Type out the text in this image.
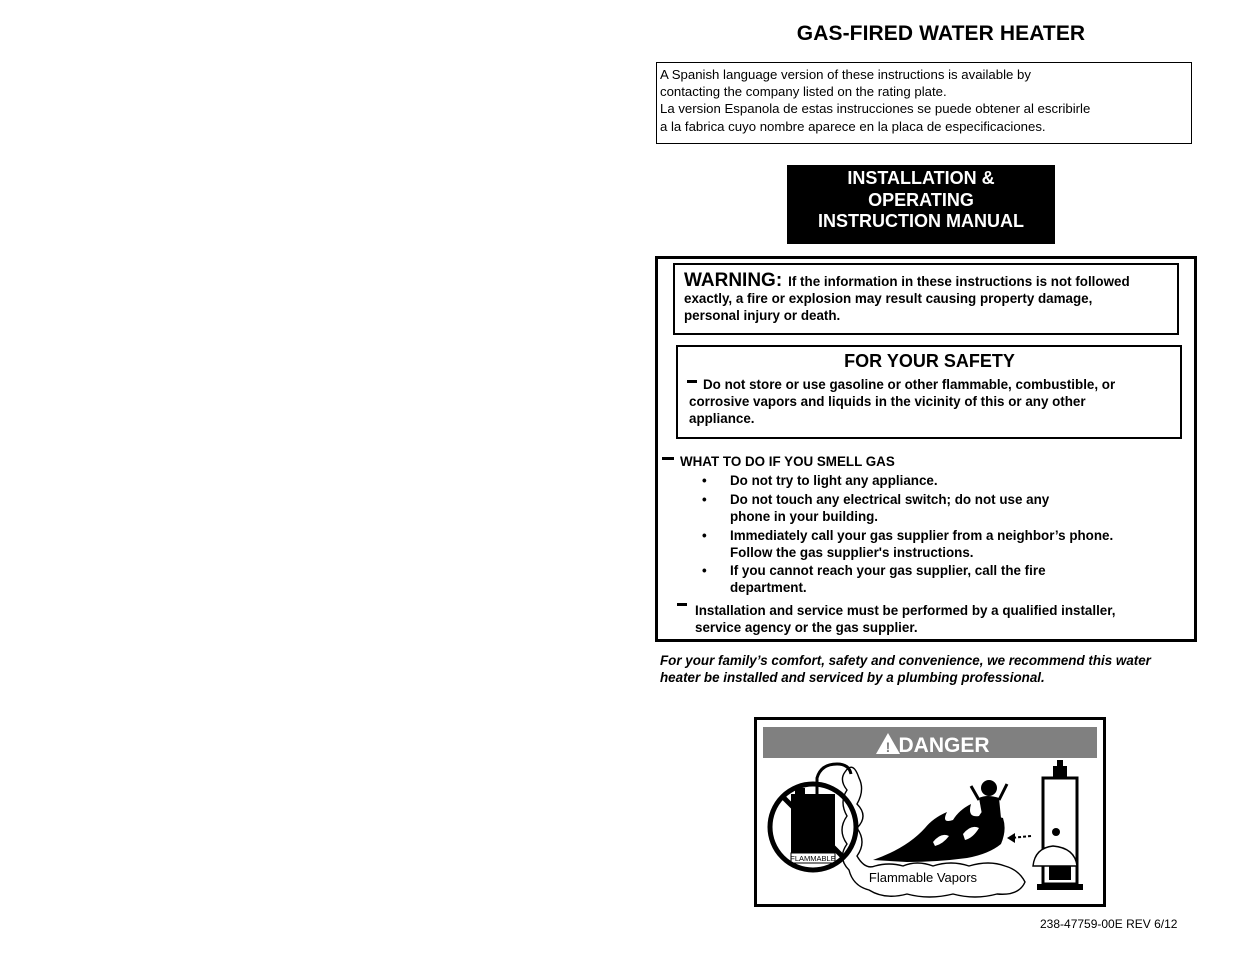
GAS-FIRED WATER HEATER
A Spanish language version of these instructions is available by
contacting the company listed on the rating plate.
La version Espanola de estas instrucciones se puede obtener al escribirle
a la fabrica cuyo nombre aparece en la placa de especificaciones.
INSTALLATION &
OPERATING
INSTRUCTION MANUAL
WARNING: If the information in these instructions is not followed
exactly, a fire or explosion may result causing property damage,
personal injury or death.
FOR YOUR SAFETY
Do not store or use gasoline or other flammable, combustible, or
corrosive vapors and liquids in the vicinity of this or any other
appliance.
WHAT TO DO IF YOU SMELL GAS
• Do not try to light any appliance.
• Do not touch any electrical switch; do not use any
phone in your building.
• Immediately call your gas supplier from a neighbor’s phone.
Follow the gas supplier's instructions.
• If you cannot reach your gas supplier, call the fire
department.
Installation and service must be performed by a qualified installer,
service agency or the gas supplier.
For your family’s comfort, safety and convenience, we recommend this water
heater be installed and serviced by a plumbing professional.
! DANGER
FLAMMABLE
Flammable Vapors
238-47759-00E REV 6/12
